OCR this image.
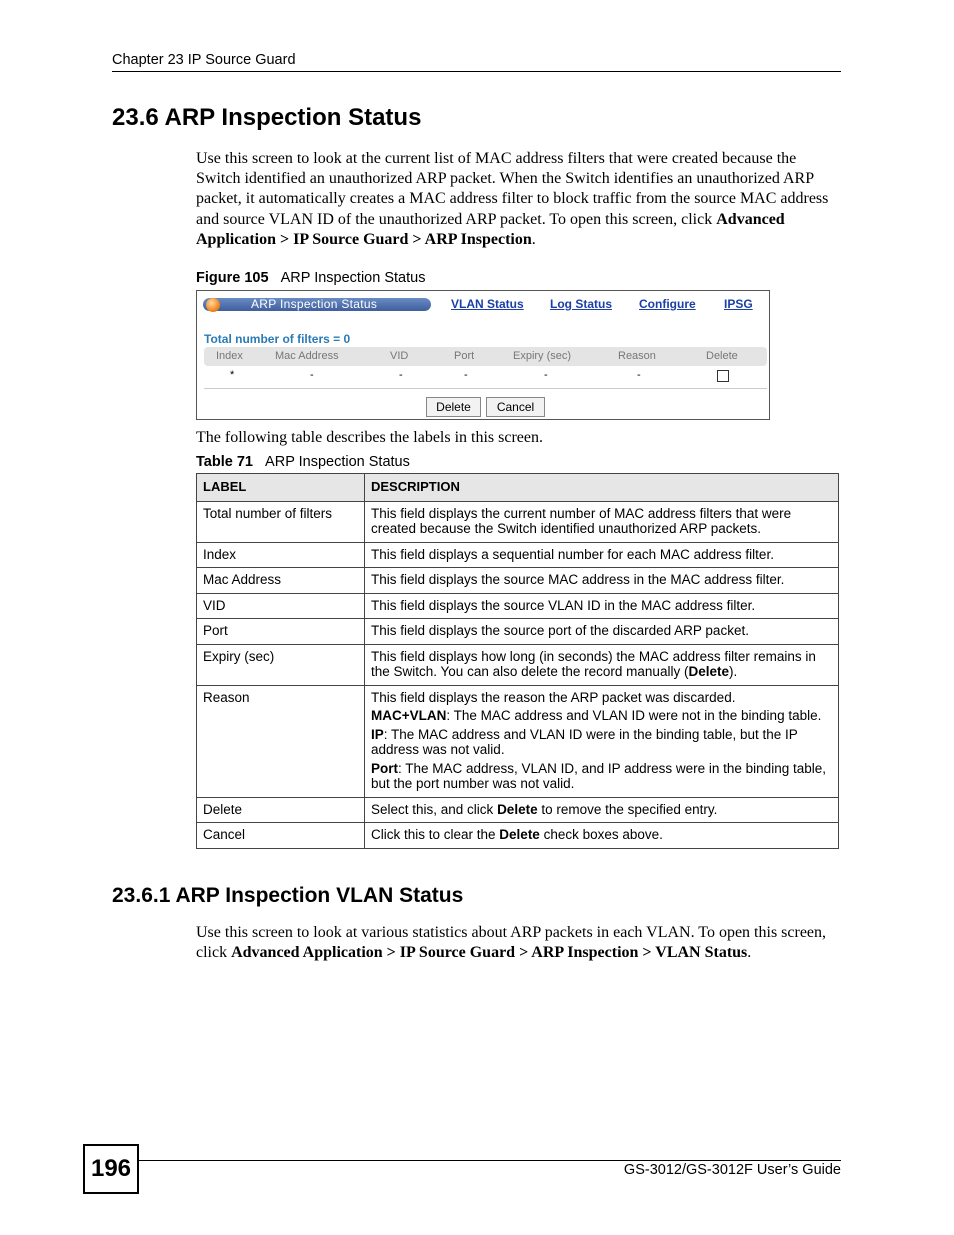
Chapter 23 IP Source Guard
23.6 ARP Inspection Status

Use this screen to look at the current list of MAC address filters that were created because the Switch identified an unauthorized ARP packet. When the Switch identifies an unauthorized ARP packet, it automatically creates a MAC address filter to block traffic from the source MAC address and source VLAN ID of the unauthorized ARP packet. To open this screen, click Advanced Application > IP Source Guard > ARP Inspection.

Figure 105 ARP Inspection Status
ARP Inspection Status	VLAN Status Log Status Configure IPSG
Total number of filters = 0
Index	Mac Address	VID	Port	Expiry (sec)	Reason	Delete
*	-	-	-	-	-
Delete	Cancel

The following table describes the labels in this screen.

Table 71 ARP Inspection Status
LABEL	DESCRIPTION
Total number of filters	This field displays the current number of MAC address filters that were created because the Switch identified unauthorized ARP packets.
Index	This field displays a sequential number for each MAC address filter.
Mac Address	This field displays the source MAC address in the MAC address filter.
VID	This field displays the source VLAN ID in the MAC address filter.
Port	This field displays the source port of the discarded ARP packet.
Expiry (sec)	This field displays how long (in seconds) the MAC address filter remains in the Switch. You can also delete the record manually (Delete).
Reason	This field displays the reason the ARP packet was discarded.

MAC+VLAN: The MAC address and VLAN ID were not in the binding table.

IP: The MAC address and VLAN ID were in the binding table, but the IP address was not valid.

Port: The MAC address, VLAN ID, and IP address were in the binding table, but the port number was not valid.

Delete	Select this, and click Delete to remove the specified entry.
Cancel	Click this to clear the Delete check boxes above.
23.6.1 ARP Inspection VLAN Status

Use this screen to look at various statistics about ARP packets in each VLAN. To open this screen, click Advanced Application > IP Source Guard > ARP Inspection > VLAN Status.

196	GS-3012/GS-3012F User’s Guide
